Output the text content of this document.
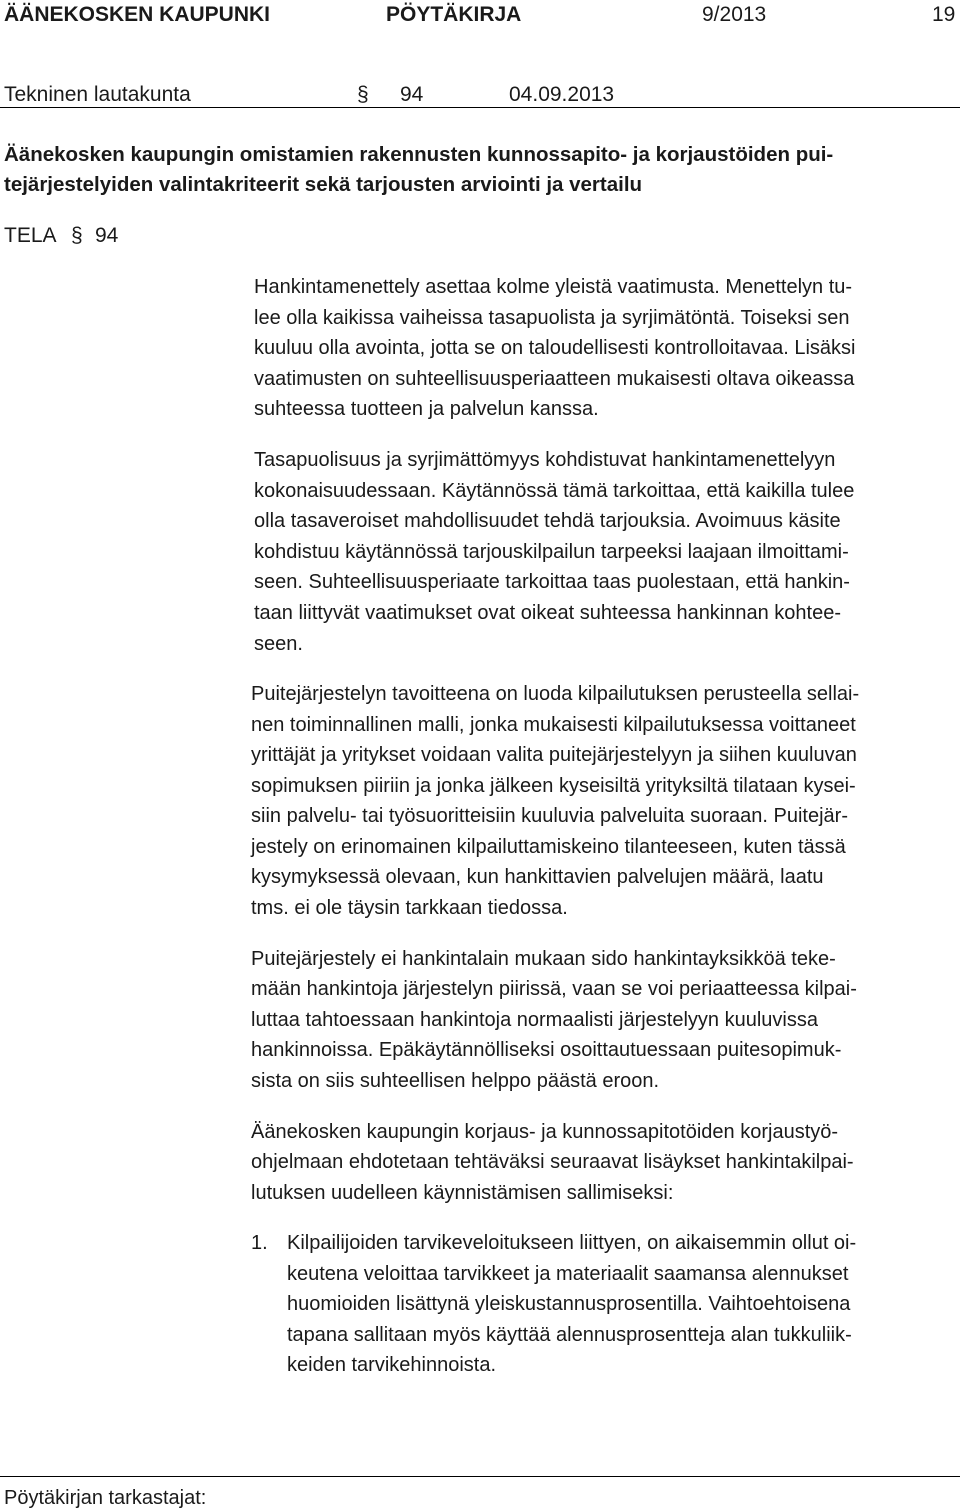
ÄÄNEKOSKEN KAUPUNKI	PÖYTÄKIRJA	9/2013	19
Tekninen lautakunta	§ 94	04.09.2013
Äänekosken kaupungin omistamien rakennusten kunnossapito- ja korjaustöiden pui-
tejärjestelyiden valintakriteerit sekä tarjousten arviointi ja vertailu
TELA § 94
Hankintamenettely asettaa kolme yleistä vaatimusta. Menettelyn tu-
lee olla kaikissa vaiheissa tasapuolista ja syrjimätöntä. Toiseksi sen
kuuluu olla avointa, jotta se on taloudellisesti kontrolloitavaa. Lisäksi
vaatimusten on suhteellisuusperiaatteen mukaisesti oltava oikeassa
suhteessa tuotteen ja palvelun kanssa.
Tasapuolisuus ja syrjimättömyys kohdistuvat hankintamenettelyyn
kokonaisuudessaan. Käytännössä tämä tarkoittaa, että kaikilla tulee
olla tasaveroiset mahdollisuudet tehdä tarjouksia. Avoimuus käsite
kohdistuu käytännössä tarjouskilpailun tarpeeksi laajaan ilmoittami-
seen. Suhteellisuusperiaate tarkoittaa taas puolestaan, että hankin-
taan liittyvät vaatimukset ovat oikeat suhteessa hankinnan kohtee-
seen.
Puitejärjestelyn tavoitteena on luoda kilpailutuksen perusteella sellai-
nen toiminnallinen malli, jonka mukaisesti kilpailutuksessa voittaneet
yrittäjät ja yritykset voidaan valita puitejärjestelyyn ja siihen kuuluvan
sopimuksen piiriin ja jonka jälkeen kyseisiltä yrityksiltä tilataan kysei-
siin palvelu- tai työsuoritteisiin kuuluvia palveluita suoraan. Puitejär-
jestely on erinomainen kilpailuttamiskeino tilanteeseen, kuten tässä
kysymyksessä olevaan, kun hankittavien palvelujen määrä, laatu
tms. ei ole täysin tarkkaan tiedossa.
Puitejärjestely ei hankintalain mukaan sido hankintayksikköä teke-
mään hankintoja järjestelyn piirissä, vaan se voi periaatteessa kilpai-
luttaa tahtoessaan hankintoja normaalisti järjestelyyn kuuluvissa
hankinnoissa. Epäkäytännölliseksi osoittautuessaan puitesopimuk-
sista on siis suhteellisen helppo päästä eroon.
Äänekosken kaupungin korjaus- ja kunnossapitotöiden korjaustyö-
ohjelmaan ehdotetaan tehtäväksi seuraavat lisäykset hankintakilpai-
lutuksen uudelleen käynnistämisen sallimiseksi:
1. Kilpailijoiden tarvikeveloitukseen liittyen, on aikaisemmin ollut oi-
keutena veloittaa tarvikkeet ja materiaalit saamansa alennukset
huomioiden lisättynä yleiskustannusprosentilla. Vaihtoehtoisena
tapana sallitaan myös käyttää alennusprosentteja alan tukkuliik-
keiden tarvikehinnoista.
Pöytäkirjan tarkastajat:
